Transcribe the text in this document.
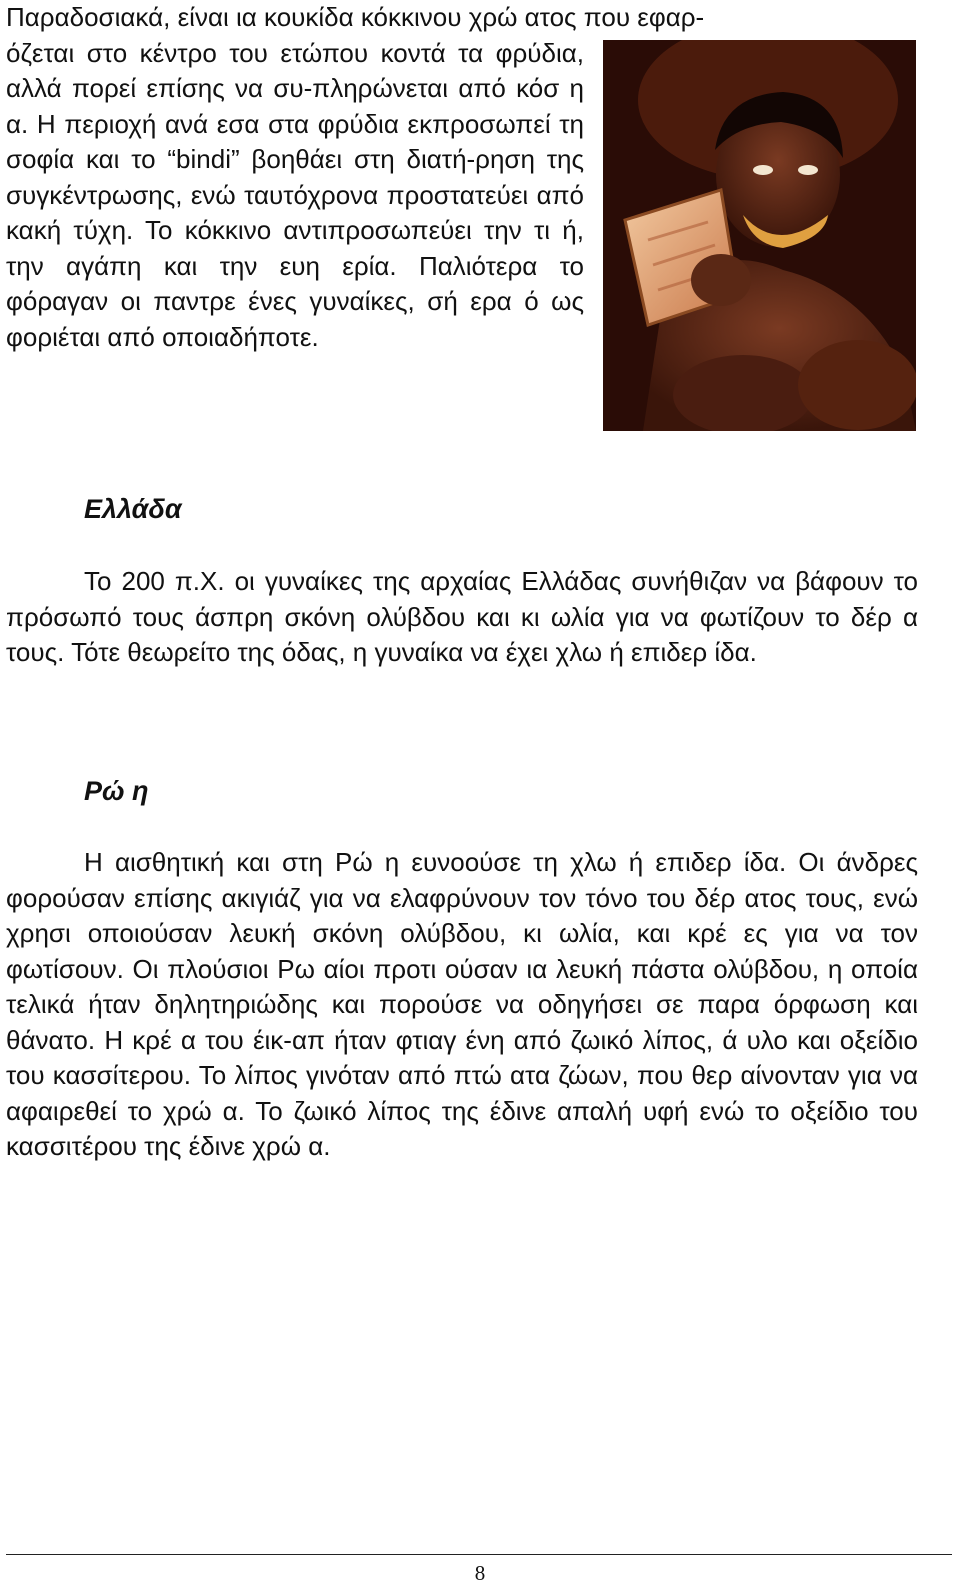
Παραδοσιακά, είναι ια κουκίδα κόκκινου χρώ ατος που εφαρ-
όζεται στο κέντρο του ετώπου κοντά τα φρύδια, αλλά πορεί επίσης να συ-πληρώνεται από κόσ η α. Η περιοχή ανά εσα στα φρύδια εκπροσωπεί τη σοφία και το “bindi” βοηθάει στη διατή-ρηση της συγκέντρωσης, ενώ ταυτόχρονα προστατεύει από κακή τύχη. Το κόκκινο αντιπροσωπεύει την τι ή, την αγάπη και την ευη ερία. Παλιότερα το φόραγαν οι παντρε ένες γυναίκες, σή ερα ό ως φοριέται από οποιαδήποτε.

Ελλάδα

Το 200 π.Χ. οι γυναίκες της αρχαίας Ελλάδας συνήθιζαν να βάφουν το πρόσωπό τους άσπρη σκόνη ολύβδου και κι ωλία για να φωτίζουν το δέρ α τους. Τότε θεωρείτο της όδας, η γυναίκα να έχει χλω ή επιδερ ίδα.

Ρώ η

Η αισθητική και στη Ρώ η ευνοούσε τη χλω ή επιδερ ίδα. Οι άνδρες φορούσαν επίσης ακιγιάζ για να ελαφρύνουν τον τόνο του δέρ ατος τους, ενώ χρησι οποιούσαν λευκή σκόνη ολύβδου, κι ωλία, και κρέ ες για να τον φωτίσουν. Οι πλούσιοι Ρω αίοι προτι ούσαν ια λευκή πάστα ολύβδου, η οποία τελικά ήταν δηλητηριώδης και πορούσε να οδηγήσει σε παρα όρφωση και θάνατο. Η κρέ α του έικ-απ ήταν φτιαγ ένη από ζωικό λίπος, ά υλο και οξείδιο του κασσίτερου. Το λίπος γινόταν από πτώ ατα ζώων, που θερ αίνονταν για να αφαιρεθεί το χρώ α. Το ζωικό λίπος της έδινε απαλή υφή ενώ το οξείδιο του κασσιτέρου της έδινε χρώ α.

8
